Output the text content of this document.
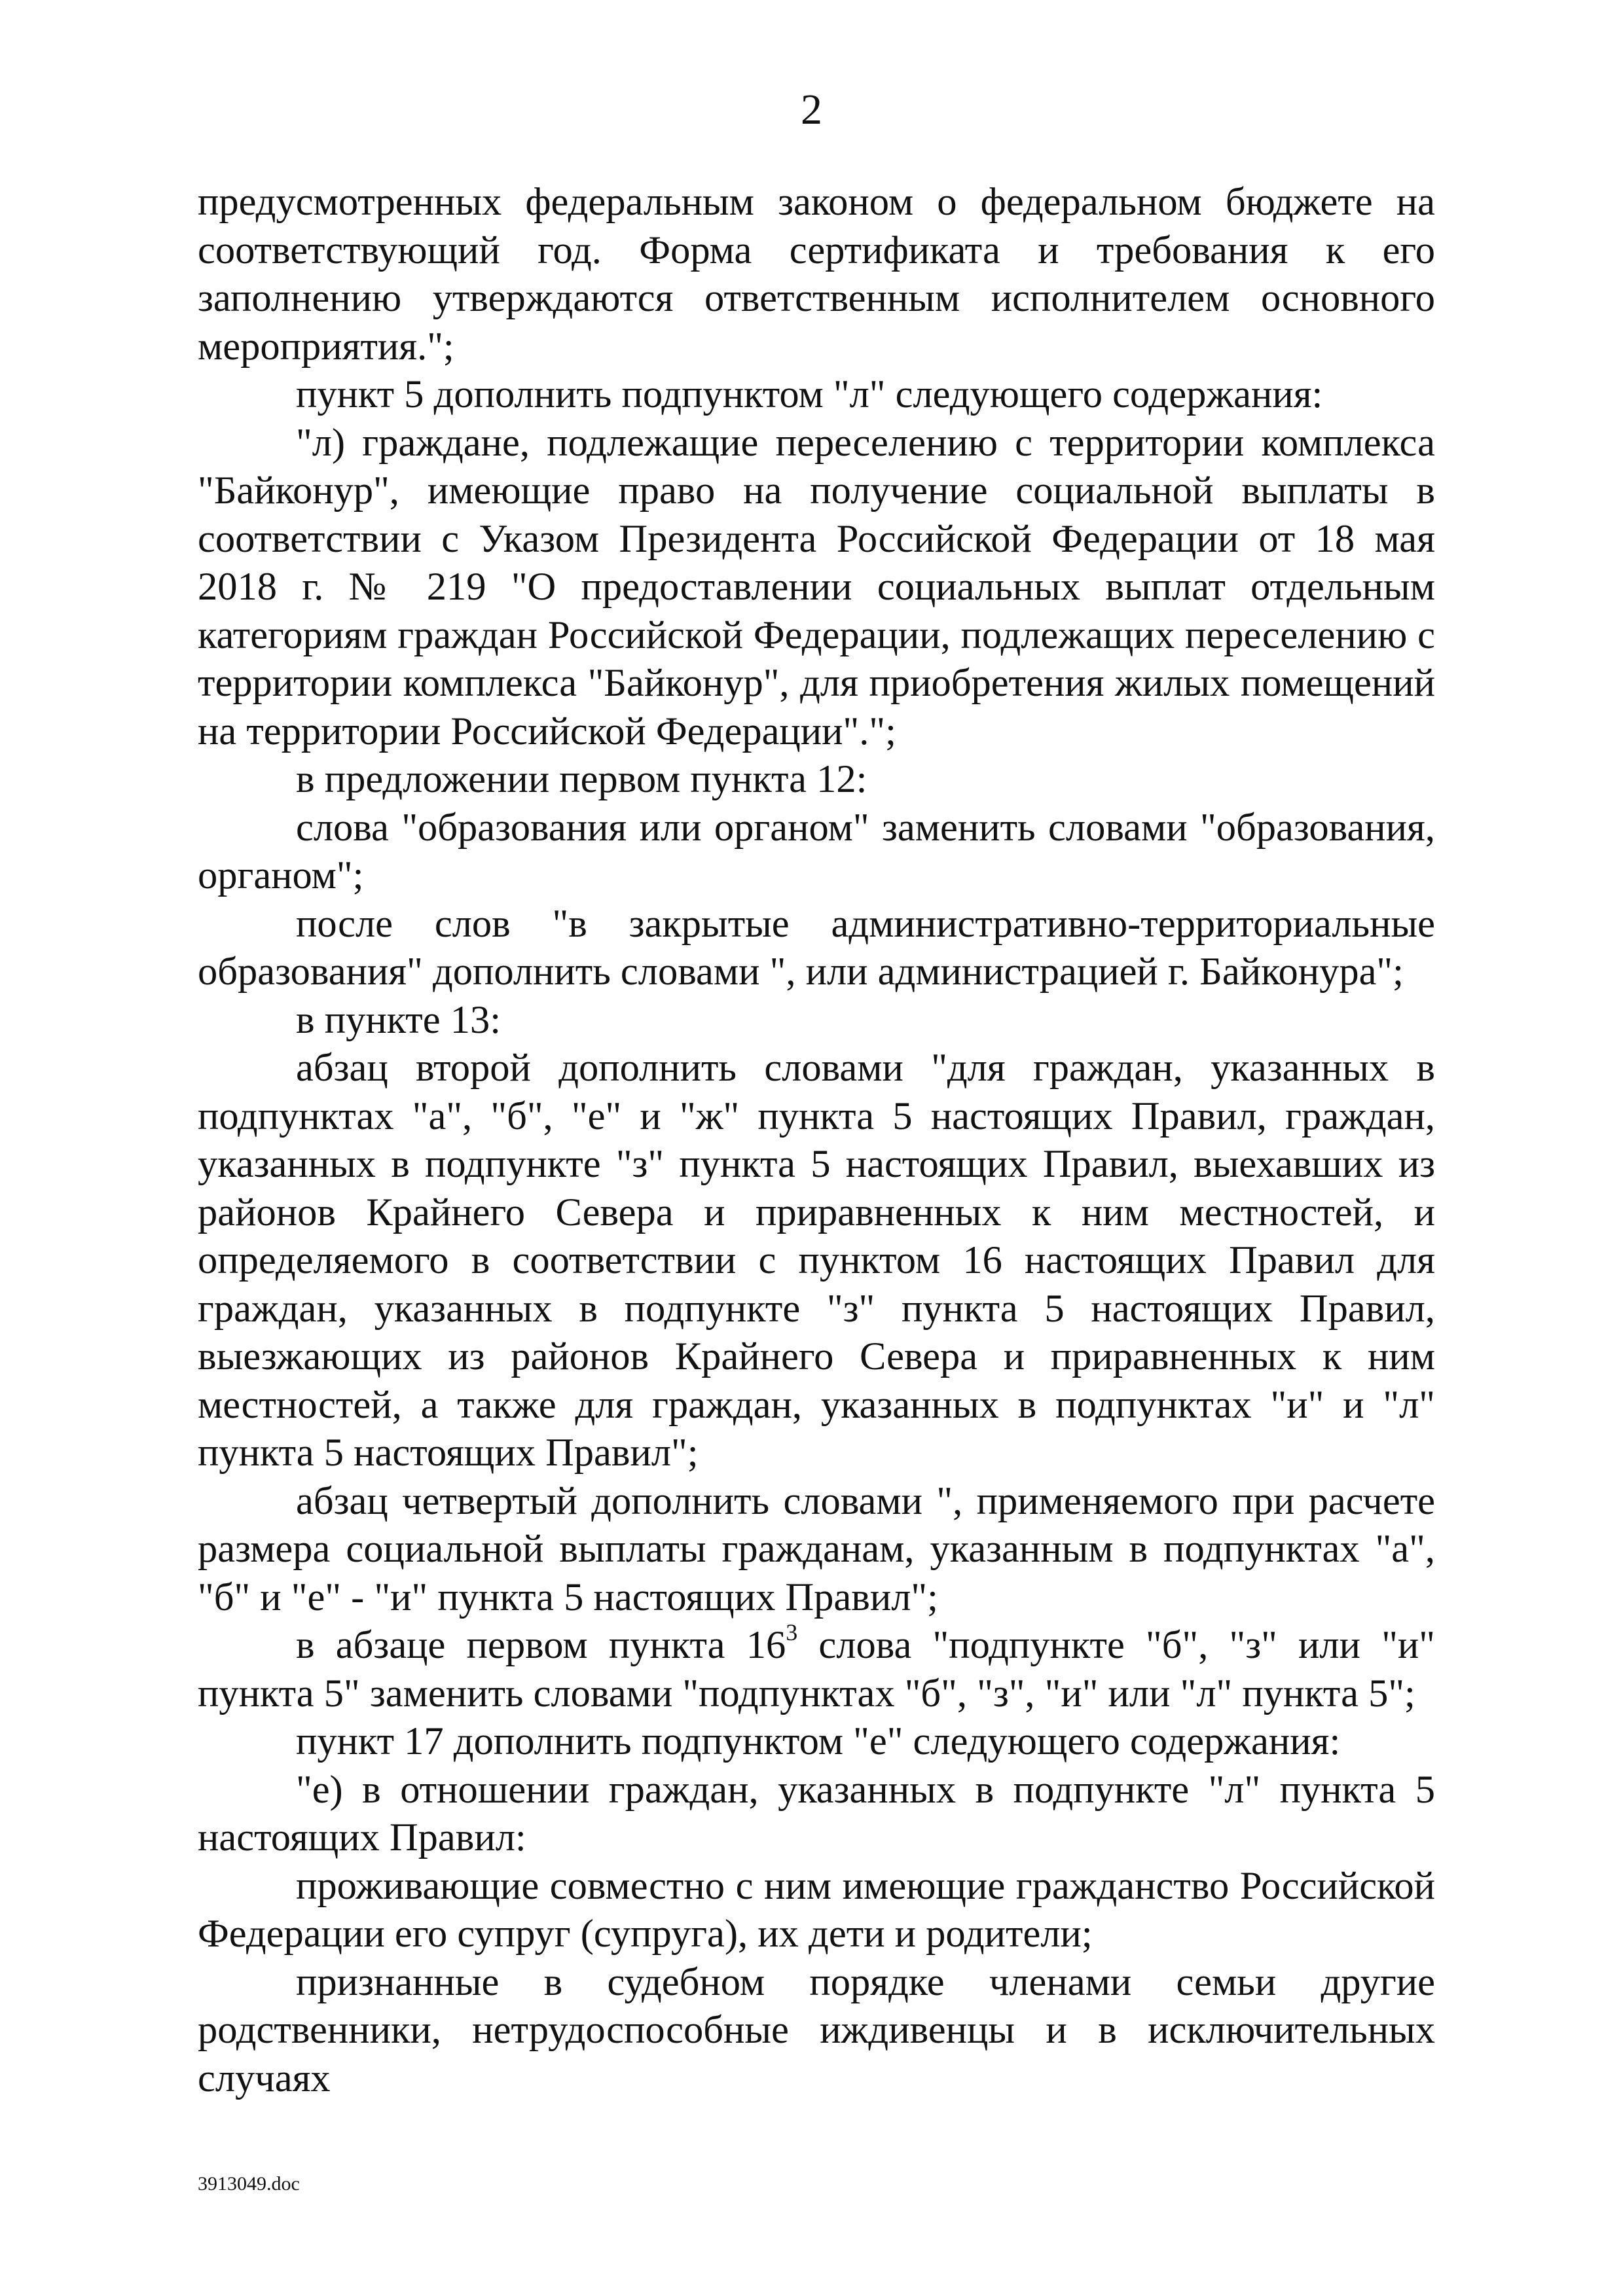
2

предусмотренных федеральным законом о федеральном бюджете на соответствующий год. Форма сертификата и требования к его заполнению утверждаются ответственным исполнителем основного мероприятия.";

пункт 5 дополнить подпунктом "л" следующего содержания:

"л) граждане, подлежащие переселению с территории комплекса "Байконур", имеющие право на получение социальной выплаты в соответствии с Указом Президента Российской Федерации от 18 мая 2018 г. № 219 "О предоставлении социальных выплат отдельным категориям граждан Российской Федерации, подлежащих переселению с территории комплекса "Байконур", для приобретения жилых помещений на территории Российской Федерации".";

в предложении первом пункта 12:

слова "образования или органом" заменить словами "образования, органом";

после слов "в закрытые административно-территориальные образования" дополнить словами ", или администрацией г. Байконура";

в пункте 13:

абзац второй дополнить словами "для граждан, указанных в подпунктах "а", "б", "е" и "ж" пункта 5 настоящих Правил, граждан, указанных в подпункте "з" пункта 5 настоящих Правил, выехавших из районов Крайнего Севера и приравненных к ним местностей, и определяемого в соответствии с пунктом 16 настоящих Правил для граждан, указанных в подпункте "з" пункта 5 настоящих Правил, выезжающих из районов Крайнего Севера и приравненных к ним местностей, а также для граждан, указанных в подпунктах "и" и "л" пункта 5 настоящих Правил";

абзац четвертый дополнить словами ", применяемого при расчете размера социальной выплаты гражданам, указанным в подпунктах "а", "б" и "е" - "и" пункта 5 настоящих Правил";

в абзаце первом пункта $16^3$ слова "подпункте "б", "з" или "и" пункта 5" заменить словами "подпунктах "б", "з", "и" или "л" пункта 5";

пункт 17 дополнить подпунктом "е" следующего содержания:

"е) в отношении граждан, указанных в подпункте "л" пункта 5 настоящих Правил:

проживающие совместно с ним имеющие гражданство Российской Федерации его супруг (супруга), их дети и родители;

признанные в судебном порядке членами семьи другие родственники, нетрудоспособные иждивенцы и в исключительных случаях

3913049.doc
